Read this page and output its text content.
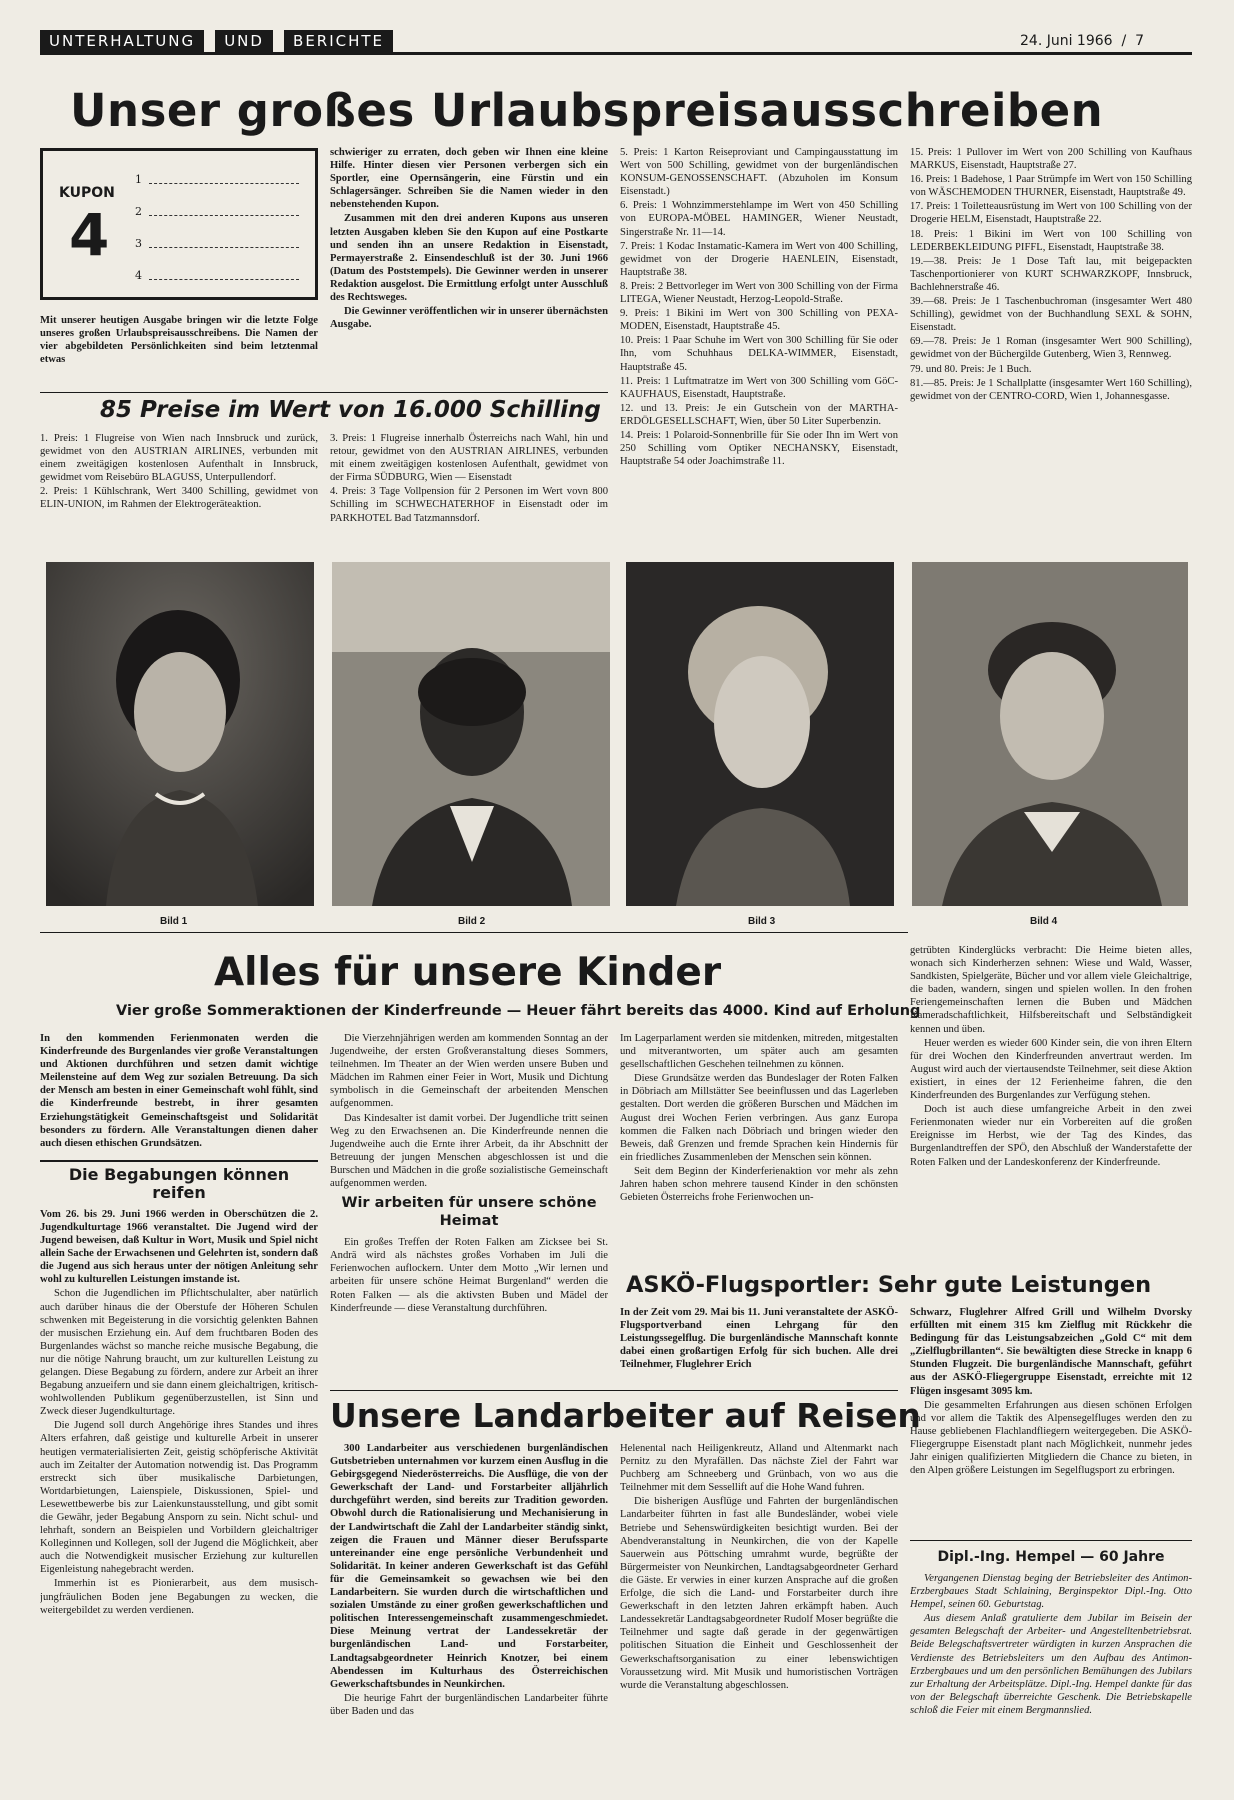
UNTERHALTUNG UND BERICHTE	24. Juni 1966  /  7
Unser großes Urlaubspreisausschreiben
KUPON
4
1
2
3
4
Mit unserer heutigen Ausgabe bringen wir die letzte Folge unseres großen Urlaubspreisausschreibens. Die Namen der vier abgebildeten Persönlichkeiten sind beim letztenmal etwas

schwieriger zu erraten, doch geben wir Ihnen eine kleine Hilfe. Hinter diesen vier Personen verbergen sich ein Sportler, eine Opernsängerin, eine Fürstin und ein Schlagersänger. Schreiben Sie die Namen wieder in den nebenstehenden Kupon.

Zusammen mit den drei anderen Kupons aus unseren letzten Ausgaben kleben Sie den Kupon auf eine Postkarte und senden ihn an unsere Redaktion in Eisenstadt, Permayerstraße 2. Einsendeschluß ist der 30. Juni 1966 (Datum des Poststempels). Die Gewinner werden in unserer Redaktion ausgelost. Die Ermittlung erfolgt unter Ausschluß des Rechtsweges.

Die Gewinner veröffentlichen wir in unserer übernächsten Ausgabe.

85 Preise im Wert von 16.000 Schilling

1. Preis: 1 Flugreise von Wien nach Innsbruck und zurück, gewidmet von den AUSTRIAN AIRLINES, verbunden mit einem zweitägigen kostenlosen Aufenthalt in Innsbruck, gewidmet vom Reisebüro BLAGUSS, Unterpullendorf.

2. Preis: 1 Kühlschrank, Wert 3400 Schilling, gewidmet von ELIN-UNION, im Rahmen der Elektrogeräteaktion.

3. Preis: 1 Flugreise innerhalb Österreichs nach Wahl, hin und retour, gewidmet von den AUSTRIAN AIRLINES, verbunden mit einem zweitägigen kostenlosen Aufenthalt, gewidmet von der Firma SÜDBURG, Wien — Eisenstadt

4. Preis: 3 Tage Vollpension für 2 Personen im Wert vovn 800 Schilling im SCHWECHATERHOF in Eisenstadt oder im PARKHOTEL Bad Tatzmannsdorf.

5. Preis: 1 Karton Reiseproviant und Campingausstattung im Wert von 500 Schilling, gewidmet von der burgenländischen KONSUM-GENOSSENSCHAFT. (Abzuholen im Konsum Eisenstadt.)

6. Preis: 1 Wohnzimmerstehlampe im Wert von 450 Schilling von EUROPA-MÖBEL HAMINGER, Wiener Neustadt, Singerstraße Nr. 11—14.

7. Preis: 1 Kodac Instamatic-Kamera im Wert von 400 Schilling, gewidmet von der Drogerie HAENLEIN, Eisenstadt, Hauptstraße 38.

8. Preis: 2 Bettvorleger im Wert von 300 Schilling von der Firma LITEGA, Wiener Neustadt, Herzog-Leopold-Straße.

9. Preis: 1 Bikini im Wert von 300 Schilling von PEXA-MODEN, Eisenstadt, Hauptstraße 45.

10. Preis: 1 Paar Schuhe im Wert von 300 Schilling für Sie oder Ihn, vom Schuhhaus DELKA-WIMMER, Eisenstadt, Hauptstraße 45.

11. Preis: 1 Luftmatratze im Wert von 300 Schilling vom GöC-KAUFHAUS, Eisenstadt, Hauptstraße.

12. und 13. Preis: Je ein Gutschein von der MARTHA-ERDÖLGESELLSCHAFT, Wien, über 50 Liter Superbenzin.

14. Preis: 1 Polaroid-Sonnenbrille für Sie oder Ihn im Wert von 250 Schilling vom Optiker NECHANSKY, Eisenstadt, Hauptstraße 54 oder Joachimstraße 11.

15. Preis: 1 Pullover im Wert von 200 Schilling von Kaufhaus MARKUS, Eisenstadt, Hauptstraße 27.

16. Preis: 1 Badehose, 1 Paar Strümpfe im Wert von 150 Schilling von WÄSCHEMODEN THURNER, Eisenstadt, Hauptstraße 49.

17. Preis: 1 Toiletteausrüstung im Wert von 100 Schilling von der Drogerie HELM, Eisenstadt, Hauptstraße 22.

18. Preis: 1 Bikini im Wert von 100 Schilling von LEDERBEKLEIDUNG PIFFL, Eisenstadt, Hauptstraße 38.

19.—38. Preis: Je 1 Dose Taft lau, mit beigepackten Taschenportionierer von KURT SCHWARZKOPF, Innsbruck, Bachlehnerstraße 46.

39.—68. Preis: Je 1 Taschenbuchroman (insgesamter Wert 480 Schilling), gewidmet von der Buchhandlung SEXL & SOHN, Eisenstadt.

69.—78. Preis: Je 1 Roman (insgesamter Wert 900 Schilling), gewidmet von der Büchergilde Gutenberg, Wien 3, Rennweg.

79. und 80. Preis: Je 1 Buch.

81.—85. Preis: Je 1 Schallplatte (insgesamter Wert 160 Schilling), gewidmet von der CENTRO-CORD, Wien 1, Johannesgasse.

Bild 1	Bild 2	Bild 3	Bild 4
Alles für unsere Kinder
Vier große Sommeraktionen der Kinderfreunde — Heuer fährt bereits das 4000. Kind auf Erholung

In den kommenden Ferienmonaten werden die Kinderfreunde des Burgenlandes vier große Veranstaltungen und Aktionen durchführen und setzen damit wichtige Meilensteine auf dem Weg zur sozialen Betreuung. Da sich der Mensch am besten in einer Gemeinschaft wohl fühlt, sind die Kinderfreunde bestrebt, in ihrer gesamten Erziehungstätigkeit Gemeinschaftsgeist und Solidarität besonders zu fördern. Alle Veranstaltungen dienen daher auch diesen ethischen Grundsätzen.

Die Begabungen können reifen

Vom 26. bis 29. Juni 1966 werden in Oberschützen die 2. Jugendkulturtage 1966 veranstaltet. Die Jugend wird der Jugend beweisen, daß Kultur in Wort, Musik und Spiel nicht allein Sache der Erwachsenen und Gelehrten ist, sondern daß die Jugend aus sich heraus unter der nötigen Anleitung sehr wohl zu kulturellen Leistungen imstande ist.

Schon die Jugendlichen im Pflichtschulalter, aber natürlich auch darüber hinaus die der Oberstufe der Höheren Schulen schwenken mit Begeisterung in die vorsichtig gelenkten Bahnen der musischen Erziehung ein. Auf dem fruchtbaren Boden des Burgenlandes wächst so manche reiche musische Begabung, die nur die nötige Nahrung braucht, um zur kulturellen Leistung zu gelangen. Diese Begabung zu fördern, andere zur Arbeit an ihrer Begabung anzueifern und sie dann einem gleichaltrigen, kritisch-wohlwollenden Publikum gegenüberzustellen, ist Sinn und Zweck dieser Jugendkulturtage.

Die Jugend soll durch Angehörige ihres Standes und ihres Alters erfahren, daß geistige und kulturelle Arbeit in unserer heutigen vermaterialisierten Zeit, geistig schöpferische Aktivität auch im Zeitalter der Automation notwendig ist. Das Programm erstreckt sich über musikalische Darbietungen, Wortdarbietungen, Laienspiele, Diskussionen, Spiel- und Lesewettbewerbe bis zur Laienkunstausstellung, und gibt somit die Gewähr, jeder Begabung Ansporn zu sein. Nicht schul- und lehrhaft, sondern an Beispielen und Vorbildern gleichaltriger Kolleginnen und Kollegen, soll der Jugend die Möglichkeit, aber auch die Notwendigkeit musischer Erziehung zur kulturellen Eigenleistung nahegebracht werden.

Immerhin ist es Pionierarbeit, aus dem musisch-jungfräulichen Boden jene Begabungen zu wecken, die weitergebildet zu werden verdienen.

Die Vierzehnjährigen werden am kommenden Sonntag an der Jugendweihe, der ersten Großveranstaltung dieses Sommers, teilnehmen. Im Theater an der Wien werden unsere Buben und Mädchen im Rahmen einer Feier in Wort, Musik und Dichtung symbolisch in die Gemeinschaft der arbeitenden Menschen aufgenommen.

Das Kindesalter ist damit vorbei. Der Jugendliche tritt seinen Weg zu den Erwachsenen an. Die Kinderfreunde nennen die Jugendweihe auch die Ernte ihrer Arbeit, da ihr Abschnitt der Betreuung der jungen Menschen abgeschlossen ist und die Burschen und Mädchen in die große sozialistische Gemeinschaft aufgenommen werden.

Wir arbeiten für unsere schöne Heimat

Ein großes Treffen der Roten Falken am Zicksee bei St. Andrä wird als nächstes großes Vorhaben im Juli die Ferienwochen auflockern. Unter dem Motto „Wir lernen und arbeiten für unsere schöne Heimat Burgenland“ werden die Roten Falken — als die aktivsten Buben und Mädel der Kinderfreunde — diese Veranstaltung durchführen.

Im Lagerparlament werden sie mitdenken, mitreden, mitgestalten und mitverantworten, um später auch am gesamten gesellschaftlichen Geschehen teilnehmen zu können.

Diese Grundsätze werden das Bundeslager der Roten Falken in Döbriach am Millstätter See beeinflussen und das Lagerleben gestalten. Dort werden die größeren Burschen und Mädchen im August drei Wochen Ferien verbringen. Aus ganz Europa kommen die Falken nach Döbriach und bringen wieder den Beweis, daß Grenzen und fremde Sprachen kein Hindernis für ein friedliches Zusammenleben der Menschen sein können.

Seit dem Beginn der Kinderferienaktion vor mehr als zehn Jahren haben schon mehrere tausend Kinder in den schönsten Gebieten Österreichs frohe Ferienwochen un-

getrübten Kinderglücks verbracht: Die Heime bieten alles, wonach sich Kinderherzen sehnen: Wiese und Wald, Wasser, Sandkisten, Spielgeräte, Bücher und vor allem viele Gleichaltrige, die baden, wandern, singen und spielen wollen. In den frohen Feriengemeinschaften lernen die Buben und Mädchen Kameradschaftlichkeit, Hilfsbereitschaft und Selbständigkeit kennen und üben.

Heuer werden es wieder 600 Kinder sein, die von ihren Eltern für drei Wochen den Kinderfreunden anvertraut werden. Im August wird auch der viertausendste Teilnehmer, seit diese Aktion existiert, in eines der 12 Ferienheime fahren, die den Kinderfreunden des Burgenlandes zur Verfügung stehen.

Doch ist auch diese umfangreiche Arbeit in den zwei Ferienmonaten wieder nur ein Vorbereiten auf die großen Ereignisse im Herbst, wie der Tag des Kindes, das Burgenlandtreffen der SPÖ, den Abschluß der Wanderstafette der Roten Falken und der Landeskonferenz der Kinderfreunde.

ASKÖ-Flugsportler: Sehr gute Leistungen
In der Zeit vom 29. Mai bis 11. Juni veranstaltete der ASKÖ-Flugsportverband einen Lehrgang für den Leistungssegelflug. Die burgenländische Mannschaft konnte dabei einen großartigen Erfolg für sich buchen. Alle drei Teilnehmer, Fluglehrer Erich

Schwarz, Fluglehrer Alfred Grill und Wilhelm Dvorsky erfüllten mit einem 315 km Zielflug mit Rückkehr die Bedingung für das Leistungsabzeichen „Gold C“ mit dem „Zielflugbrillanten“. Sie bewältigten diese Strecke in knapp 6 Stunden Flugzeit. Die burgenländische Mannschaft, geführt aus der ASKÖ-Fliegergruppe Eisenstadt, erreichte mit 12 Flügen insgesamt 3095 km.

Die gesammelten Erfahrungen aus diesen schönen Erfolgen und vor allem die Taktik des Alpensegelfluges werden den zu Hause gebliebenen Flachlandfliegern weitergegeben. Die ASKÖ-Fliegergruppe Eisenstadt plant nach Möglichkeit, nunmehr jedes Jahr einigen qualifizierten Mitgliedern die Chance zu bieten, in den Alpen größere Leistungen im Segelflugsport zu erbringen.

Unsere Landarbeiter auf Reisen

300 Landarbeiter aus verschiedenen burgenländischen Gutsbetrieben unternahmen vor kurzem einen Ausflug in die Gebirgsgegend Niederösterreichs. Die Ausflüge, die von der Gewerkschaft der Land- und Forstarbeiter alljährlich durchgeführt werden, sind bereits zur Tradition geworden. Obwohl durch die Rationalisierung und Mechanisierung in der Landwirtschaft die Zahl der Landarbeiter ständig sinkt, zeigen die Frauen und Männer dieser Berufssparte untereinander eine enge persönliche Verbundenheit und Solidarität. In keiner anderen Gewerkschaft ist das Gefühl für die Gemeinsamkeit so gewachsen wie bei den Landarbeitern. Sie wurden durch die wirtschaftlichen und sozialen Umstände zu einer großen gewerkschaftlichen und politischen Interessengemeinschaft zusammengeschmiedet. Diese Meinung vertrat der Landessekretär der burgenländischen Land- und Forstarbeiter, Landtagsabgeordneter Heinrich Knotzer, bei einem Abendessen im Kulturhaus des Österreichischen Gewerkschaftsbundes in Neunkirchen.

Die heurige Fahrt der burgenländischen Landarbeiter führte über Baden und das

Helenental nach Heiligenkreutz, Alland und Altenmarkt nach Pernitz zu den Myrafällen. Das nächste Ziel der Fahrt war Puchberg am Schneeberg und Grünbach, von wo aus die Teilnehmer mit dem Sessellift auf die Hohe Wand fuhren.

Die bisherigen Ausflüge und Fahrten der burgenländischen Landarbeiter führten in fast alle Bundesländer, wobei viele Betriebe und Sehenswürdigkeiten besichtigt wurden. Bei der Abendveranstaltung in Neunkirchen, die von der Kapelle Sauerwein aus Pöttsching umrahmt wurde, begrüßte der Bürgermeister von Neunkirchen, Landtagsabgeordneter Gerhard die Gäste. Er verwies in einer kurzen Ansprache auf die großen Erfolge, die sich die Land- und Forstarbeiter durch ihre Gewerkschaft in den letzten Jahren erkämpft haben. Auch Landessekretär Landtagsabgeordneter Rudolf Moser begrüßte die Teilnehmer und sagte daß gerade in der gegenwärtigen politischen Situation die Einheit und Geschlossenheit der Gewerkschaftsorganisation zu einer lebenswichtigen Voraussetzung wird. Mit Musik und humoristischen Vorträgen wurde die Veranstaltung abgeschlossen.

Dipl.-Ing. Hempel — 60 Jahre

Vergangenen Dienstag beging der Betriebsleiter des Antimon-Erzbergbaues Stadt Schlaining, Berginspektor Dipl.-Ing. Otto Hempel, seinen 60. Geburtstag.

Aus diesem Anlaß gratulierte dem Jubilar im Beisein der gesamten Belegschaft der Arbeiter- und Angestelltenbetriebsrat. Beide Belegschaftsvertreter würdigten in kurzen Ansprachen die Verdienste des Betriebsleiters um den Aufbau des Antimon-Erzbergbaues und um den persönlichen Bemühungen des Jubilars zur Erhaltung der Arbeitsplätze. Dipl.-Ing. Hempel dankte für das von der Belegschaft überreichte Geschenk. Die Betriebskapelle schloß die Feier mit einem Bergmannslied.
